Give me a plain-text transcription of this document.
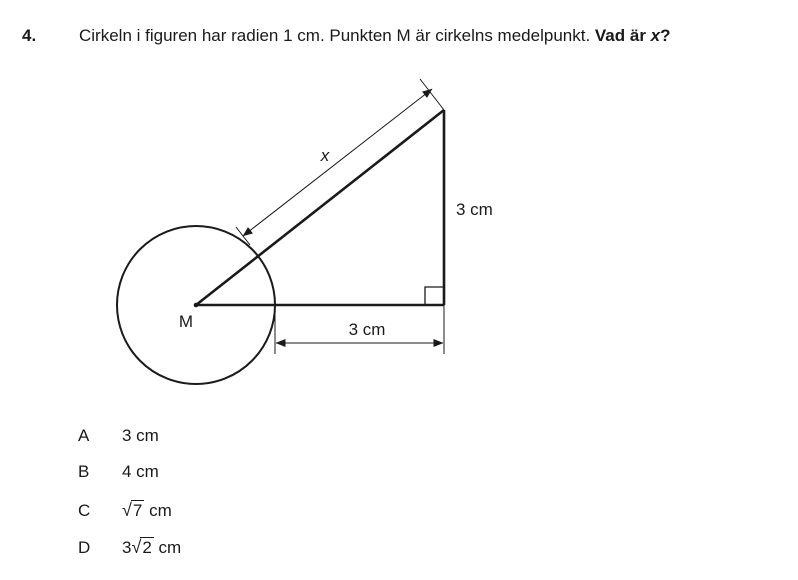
4.	Cirkeln i figuren har radien 1 cm. Punkten M är cirkelns medelpunkt. Vad är x?
x
3 cm
3 cm
M
A 3 cm
B 4 cm
C √7 cm
D 3√2 cm
